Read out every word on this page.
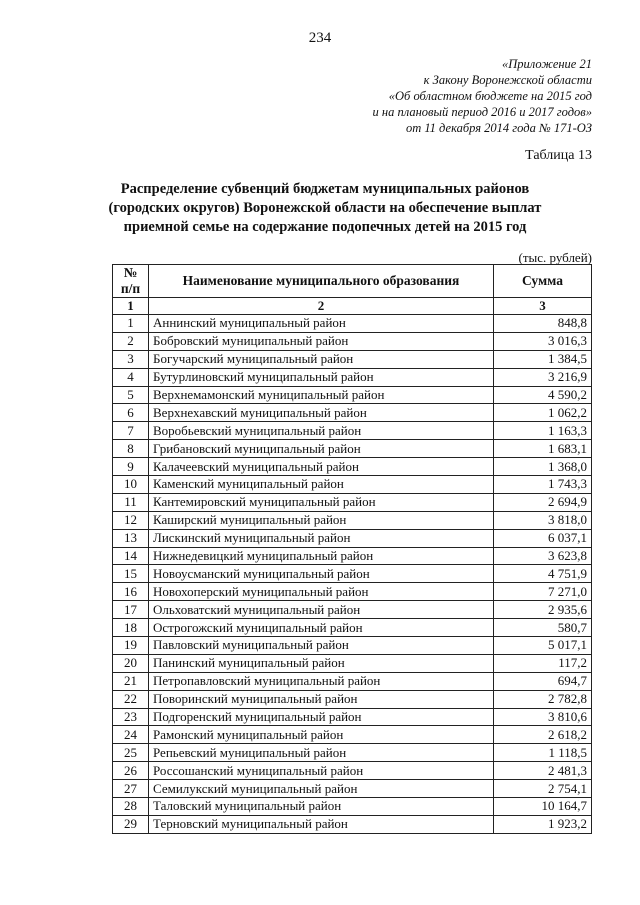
234
«Приложение 21
к Закону Воронежской области
«Об областном бюджете на 2015 год
и на плановый период 2016 и 2017 годов»
от 11 декабря 2014 года № 171-ОЗ
Таблица 13
Распределение субвенций бюджетам муниципальных районов
(городских округов) Воронежской области на обеспечение выплат
приемной семье на содержание подопечных детей на 2015 год
(тыс. рублей)
№ п/п	Наименование муниципального образования	Сумма
1	2	3
1	Аннинский муниципальный район	848,8
2	Бобровский муниципальный район	3 016,3
3	Богучарский муниципальный район	1 384,5
4	Бутурлиновский муниципальный район	3 216,9
5	Верхнемамонский муниципальный район	4 590,2
6	Верхнехавский муниципальный район	1 062,2
7	Воробьевский муниципальный район	1 163,3
8	Грибановский муниципальный район	1 683,1
9	Калачеевский муниципальный район	1 368,0
10	Каменский муниципальный район	1 743,3
11	Кантемировский муниципальный район	2 694,9
12	Каширский муниципальный район	3 818,0
13	Лискинский муниципальный район	6 037,1
14	Нижнедевицкий муниципальный район	3 623,8
15	Новоусманский муниципальный район	4 751,9
16	Новохоперский муниципальный район	7 271,0
17	Ольховатский муниципальный район	2 935,6
18	Острогожский муниципальный район	580,7
19	Павловский муниципальный район	5 017,1
20	Панинский муниципальный район	117,2
21	Петропавловский муниципальный район	694,7
22	Поворинский муниципальный район	2 782,8
23	Подгоренский муниципальный район	3 810,6
24	Рамонский муниципальный район	2 618,2
25	Репьевский муниципальный район	1 118,5
26	Россошанский муниципальный район	2 481,3
27	Семилукский муниципальный район	2 754,1
28	Таловский муниципальный район	10 164,7
29	Терновский муниципальный район	1 923,2
